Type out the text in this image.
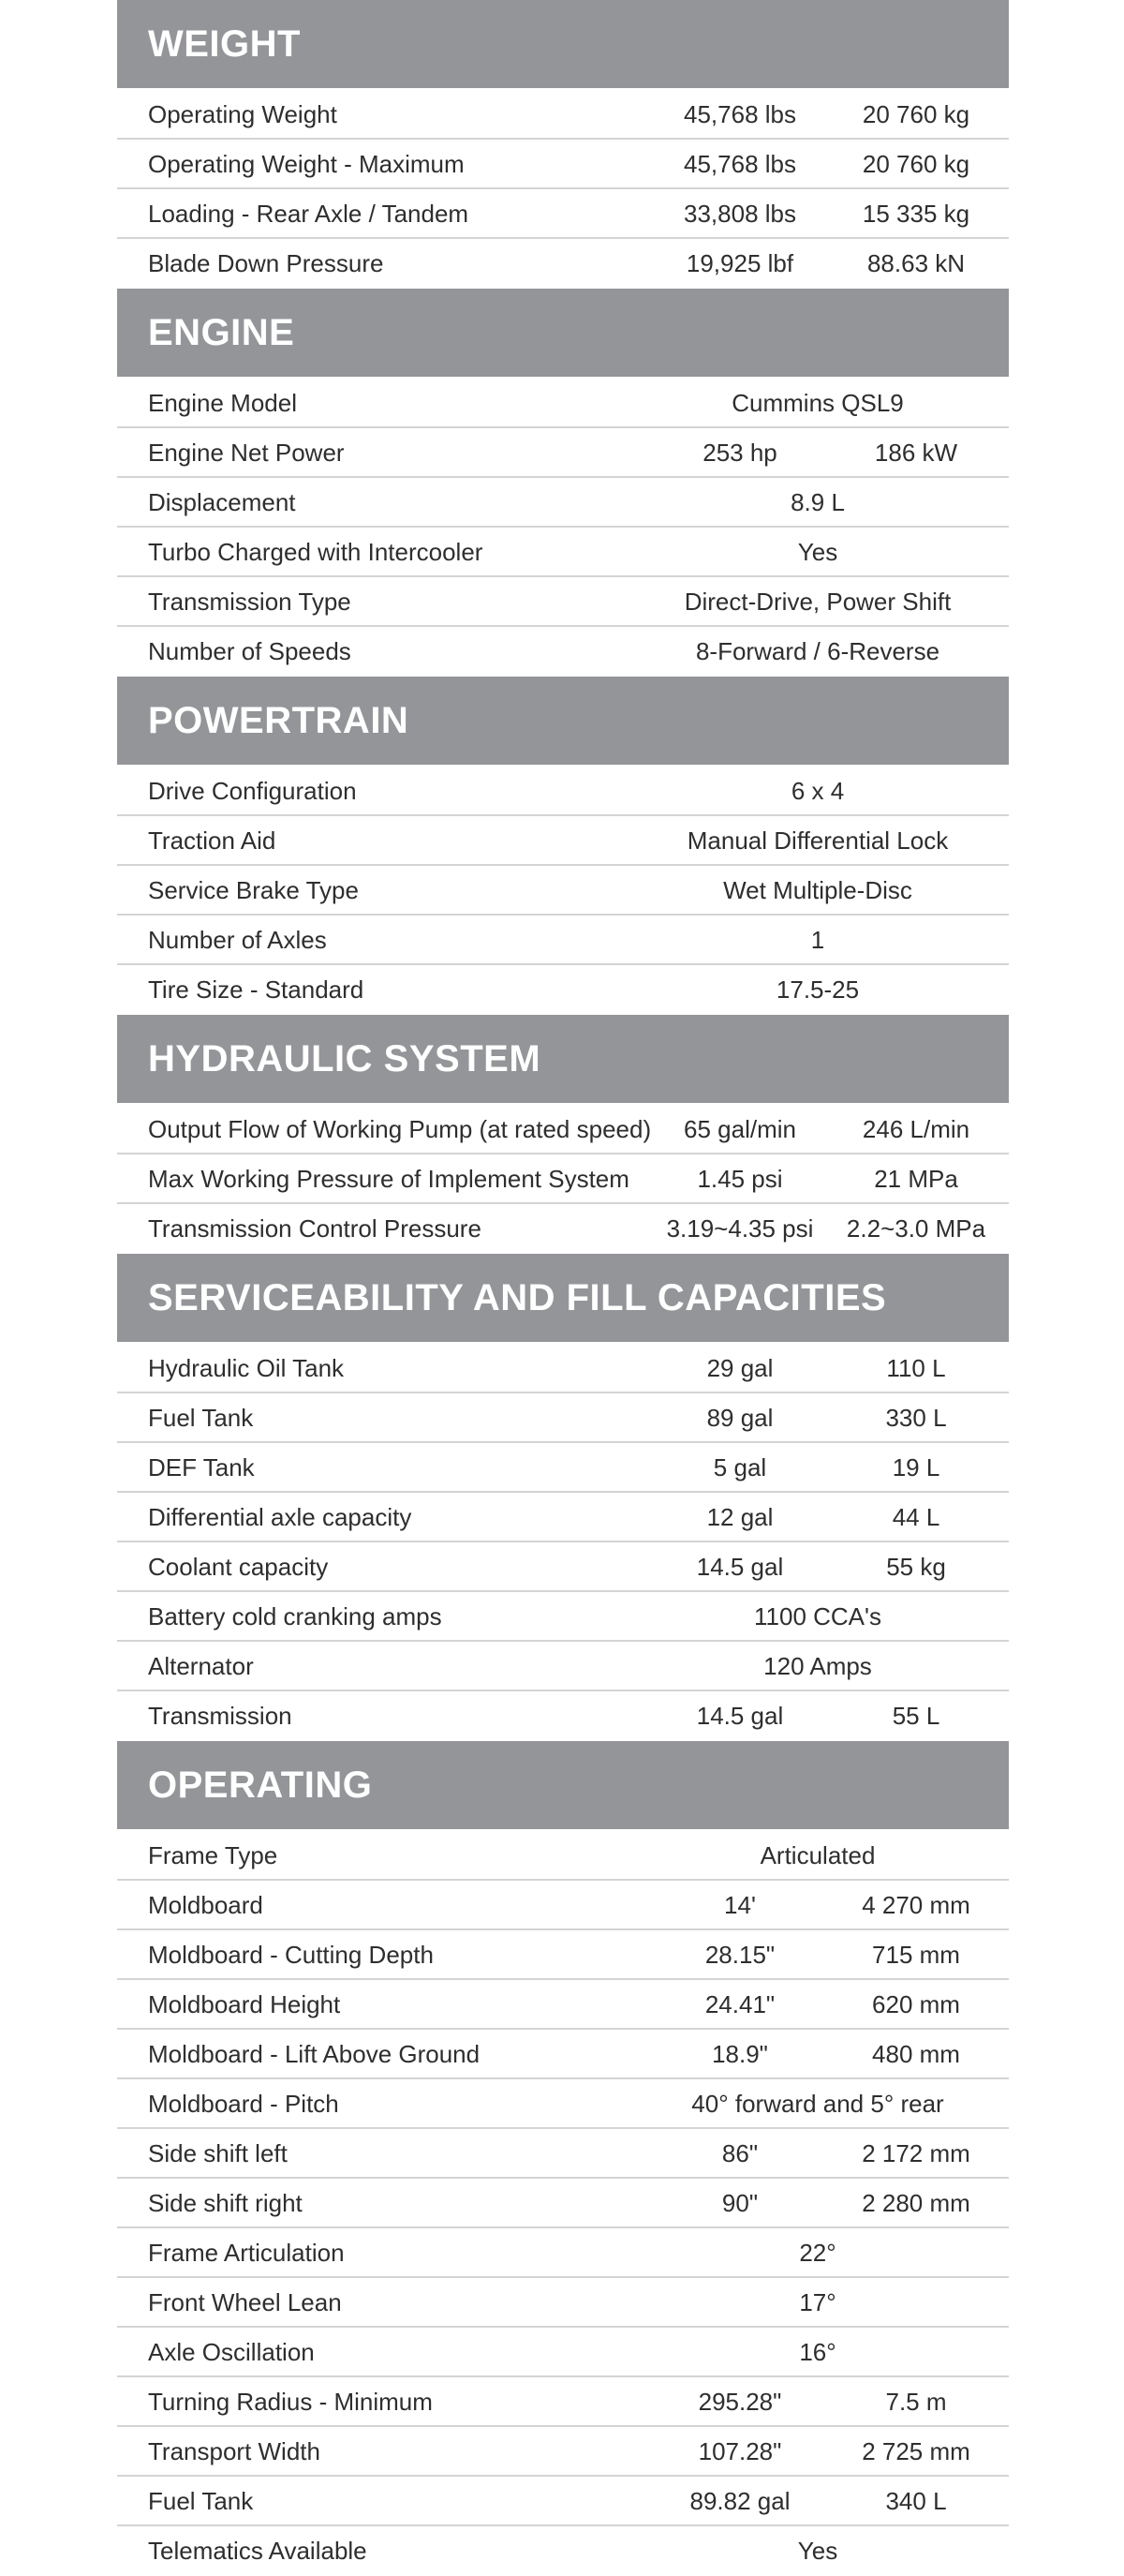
WEIGHT
Operating Weight	45,768 lbs	20 760 kg
Operating Weight - Maximum	45,768 lbs	20 760 kg
Loading - Rear Axle / Tandem	33,808 lbs	15 335 kg
Blade Down Pressure	19,925 lbf	88.63 kN
ENGINE
Engine Model	Cummins QSL9
Engine Net Power	253 hp	186 kW
Displacement	8.9 L
Turbo Charged with Intercooler	Yes
Transmission Type	Direct-Drive, Power Shift
Number of Speeds	8-Forward / 6-Reverse
POWERTRAIN
Drive Configuration	6 x 4
Traction Aid	Manual Differential Lock
Service Brake Type	Wet Multiple-Disc
Number of Axles	1
Tire Size - Standard	17.5-25
HYDRAULIC SYSTEM
Output Flow of Working Pump (at rated speed) 65 gal/min	246 L/min
Max Working Pressure of Implement System	1.45 psi	21 MPa
Transmission Control Pressure	3.19~4.35 psi 2.2~3.0 MPa
SERVICEABILITY AND FILL CAPACITIES
Hydraulic Oil Tank	29 gal	110 L
Fuel Tank	89 gal	330 L
DEF Tank	5 gal	19 L
Differential axle capacity	12 gal	44 L
Coolant capacity	14.5 gal	55 kg
Battery cold cranking amps	1100 CCA's
Alternator	120 Amps
Transmission	14.5 gal	55 L
OPERATING
Frame Type	Articulated
Moldboard	14'	4 270 mm
Moldboard - Cutting Depth	28.15"	715 mm
Moldboard Height	24.41"	620 mm
Moldboard - Lift Above Ground	18.9"	480 mm
Moldboard - Pitch	40° forward and 5° rear
Side shift left	86"	2 172 mm
Side shift right	90"	2 280 mm
Frame Articulation	22°
Front Wheel Lean	17°
Axle Oscillation	16°
Turning Radius - Minimum	295.28"	7.5 m
Transport Width	107.28"	2 725 mm
Fuel Tank	89.82 gal	340 L
Telematics Available	Yes
